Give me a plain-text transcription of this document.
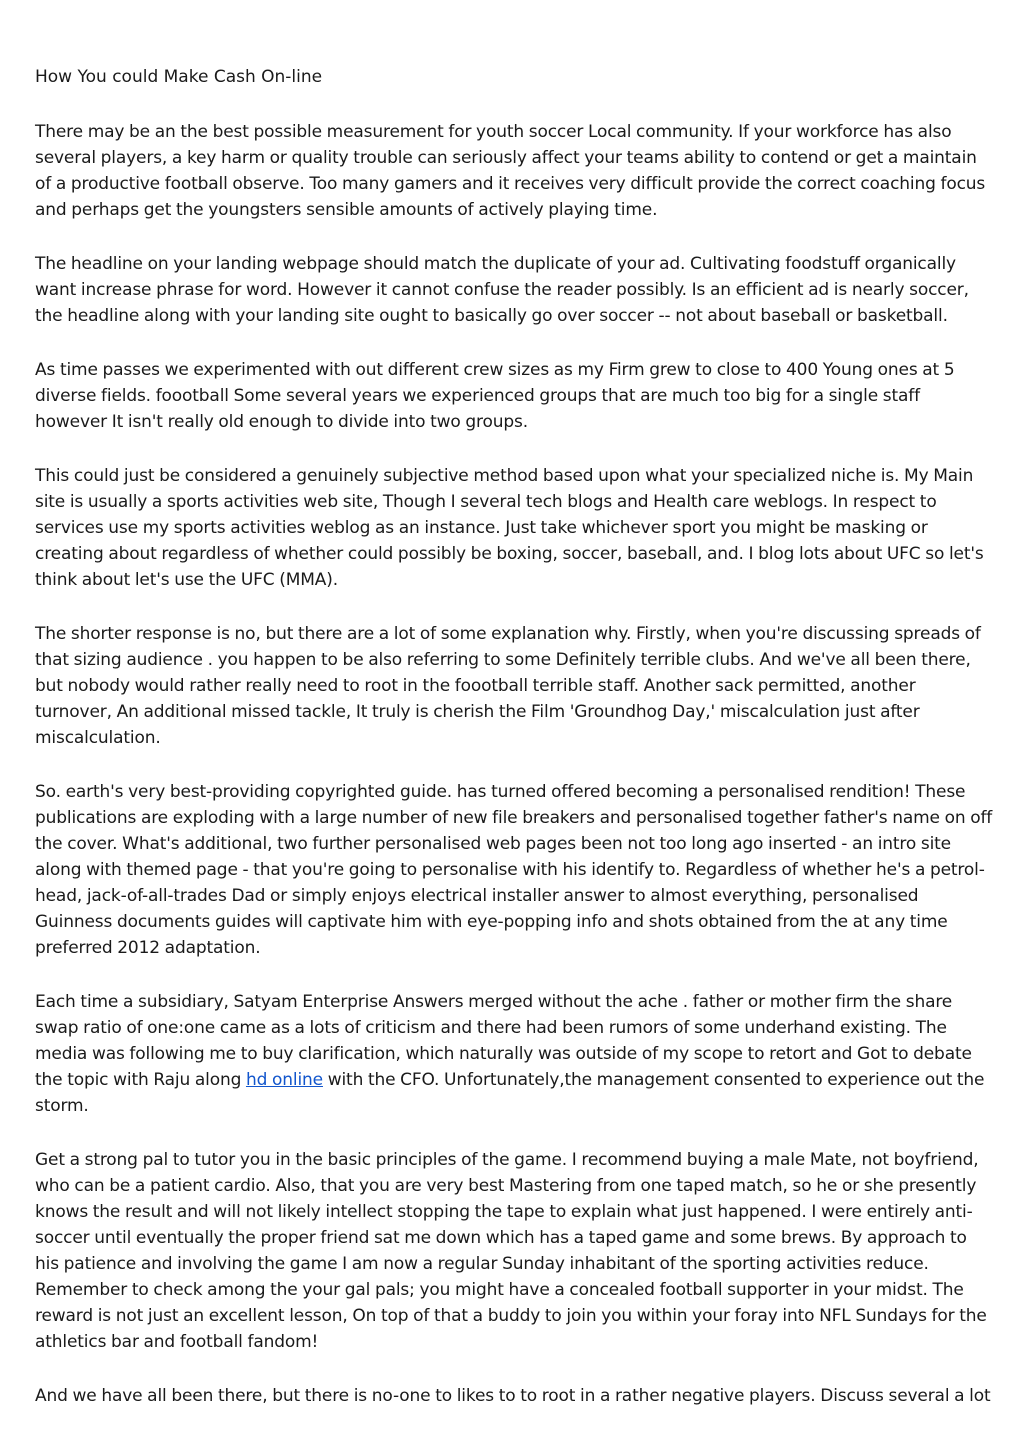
How You could Make Cash On-line

There may be an the best possible measurement for youth soccer Local community. If your workforce has also several players, a key harm or quality trouble can seriously affect your teams ability to contend or get a maintain of a productive football observe. Too many gamers and it receives very difficult provide the correct coaching focus and perhaps get the youngsters sensible amounts of actively playing time.

The headline on your landing webpage should match the duplicate of your ad. Cultivating foodstuff organically want increase phrase for word. However it cannot confuse the reader possibly. Is an efficient ad is nearly soccer, the headline along with your landing site ought to basically go over soccer -- not about baseball or basketball.

As time passes we experimented with out different crew sizes as my Firm grew to close to 400 Young ones at 5 diverse fields. foootball Some several years we experienced groups that are much too big for a single staff however It isn't really old enough to divide into two groups.

This could just be considered a genuinely subjective method based upon what your specialized niche is. My Main site is usually a sports activities web site, Though I several tech blogs and Health care weblogs. In respect to services use my sports activities weblog as an instance. Just take whichever sport you might be masking or creating about regardless of whether could possibly be boxing, soccer, baseball, and. I blog lots about UFC so let's think about let's use the UFC (MMA).

The shorter response is no, but there are a lot of some explanation why. Firstly, when you're discussing spreads of that sizing audience . you happen to be also referring to some Definitely terrible clubs. And we've all been there, but nobody would rather really need to root in the foootball terrible staff. Another sack permitted, another turnover, An additional missed tackle, It truly is cherish the Film 'Groundhog Day,' miscalculation just after miscalculation.

So. earth's very best-providing copyrighted guide. has turned offered becoming a personalised rendition! These publications are exploding with a large number of new file breakers and personalised together father's name on off the cover. What's additional, two further personalised web pages been not too long ago inserted - an intro site along with themed page - that you're going to personalise with his identify to. Regardless of whether he's a petrol-head, jack-of-all-trades Dad or simply enjoys electrical installer answer to almost everything, personalised Guinness documents guides will captivate him with eye-popping info and shots obtained from the at any time preferred 2012 adaptation.

Each time a subsidiary, Satyam Enterprise Answers merged without the ache . father or mother firm the share swap ratio of one:one came as a lots of criticism and there had been rumors of some underhand existing. The media was following me to buy clarification, which naturally was outside of my scope to retort and Got to debate the topic with Raju along hd online with the CFO. Unfortunately,the management consented to experience out the storm.

Get a strong pal to tutor you in the basic principles of the game. I recommend buying a male Mate, not boyfriend, who can be a patient cardio. Also, that you are very best Mastering from one taped match, so he or she presently knows the result and will not likely intellect stopping the tape to explain what just happened. I were entirely anti-soccer until eventually the proper friend sat me down which has a taped game and some brews. By approach to his patience and involving the game I am now a regular Sunday inhabitant of the sporting activities reduce. Remember to check among the your gal pals; you might have a concealed football supporter in your midst. The reward is not just an excellent lesson, On top of that a buddy to join you within your foray into NFL Sundays for the athletics bar and football fandom!

And we have all been there, but there is no-one to likes to to root in a rather negative players. Discuss several a lot
